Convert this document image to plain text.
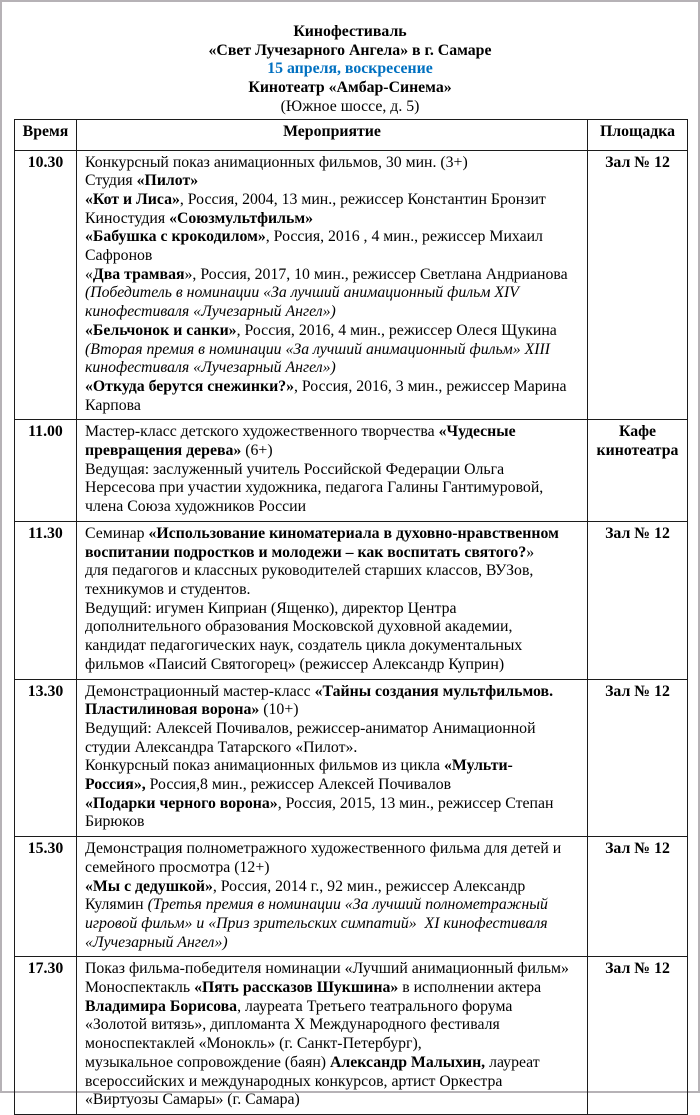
Кинофестиваль
«Свет Лучезарного Ангела» в г. Самаре
15 апреля, воскресение
Кинотеатр «Амбар-Синема»
(Южное шоссе, д. 5)
Время	Мероприятие	Площадка
10.30	Конкурсный показ анимационных фильмов, 30 мин. (3+)
Студия «Пилот»
«Кот и Лиса», Россия, 2004, 13 мин., режиссер Константин Бронзит
Киностудия «Союзмультфильм»
«Бабушка с крокодилом», Россия, 2016 , 4 мин., режиссер Михаил
Сафронов
«Два трамвая», Россия, 2017, 10 мин., режиссер Светлана Андрианова
(Победитель в номинации «За лучший анимационный фильм XIV
кинофестиваля «Лучезарный Ангел»)
«Бельчонок и санки», Россия, 2016, 4 мин., режиссер Олеся Щукина
(Вторая премия в номинации «За лучший анимационный фильм» XIII
кинофестиваля «Лучезарный Ангел»)
«Откуда берутся снежинки?», Россия, 2016, 3 мин., режиссер Марина
Карпова
	Зал № 12
11.00	Мастер-класс детского художественного творчества «Чудесные
превращения дерева» (6+)
Ведущая: заслуженный учитель Российской Федерации Ольга
Нерсесова при участии художника, педагога Галины Гантимуровой,
члена Союза художников России	Кафе кинотеатра
11.30	Семинар «Использование киноматериала в духовно-нравственном
воспитании подростков и молодежи – как воспитать святого?»
для педагогов и классных руководителей старших классов, ВУЗов,
техникумов и студентов.
Ведущий: игумен Киприан (Ященко), директор Центра
дополнительного образования Московской духовной академии,
кандидат педагогических наук, создатель цикла документальных
фильмов «Паисий Святогорец» (режиссер Александр Куприн)
	Зал № 12
13.30	Демонстрационный мастер-класс «Тайны создания мультфильмов.
Пластилиновая ворона» (10+)
Ведущий: Алексей Почивалов, режиссер-аниматор Анимационной
студии Александра Татарского «Пилот».
Конкурсный показ анимационных фильмов из цикла «Мульти-
Россия», Россия,8 мин., режиссер Алексей Почивалов
«Подарки черного ворона», Россия, 2015, 13 мин., режиссер Степан
Бирюков
	Зал № 12
15.30	Демонстрация полнометражного художественного фильма для детей и
семейного просмотра (12+)
«Мы с дедушкой», Россия, 2014 г., 92 мин., режиссер Александр
Кулямин (Третья премия в номинации «За лучший полнометражный
игровой фильм» и «Приз зрительских симпатий»  XI кинофестиваля
«Лучезарный Ангел»)
	Зал № 12
17.30	Показ фильма-победителя номинации «Лучший анимационный фильм»
Моноспектакль «Пять рассказов Шукшина» в исполнении актера
Владимира Борисова, лауреата Третьего театрального форума
«Золотой витязь», дипломанта X Международного фестиваля
моноспектаклей «Монокль» (г. Санкт-Петербург),
музыкальное сопровождение (баян) Александр Малыхин, лауреат
всероссийских и международных конкурсов, артист Оркестра
«Виртуозы Самары» (г. Самара)
	Зал № 12
